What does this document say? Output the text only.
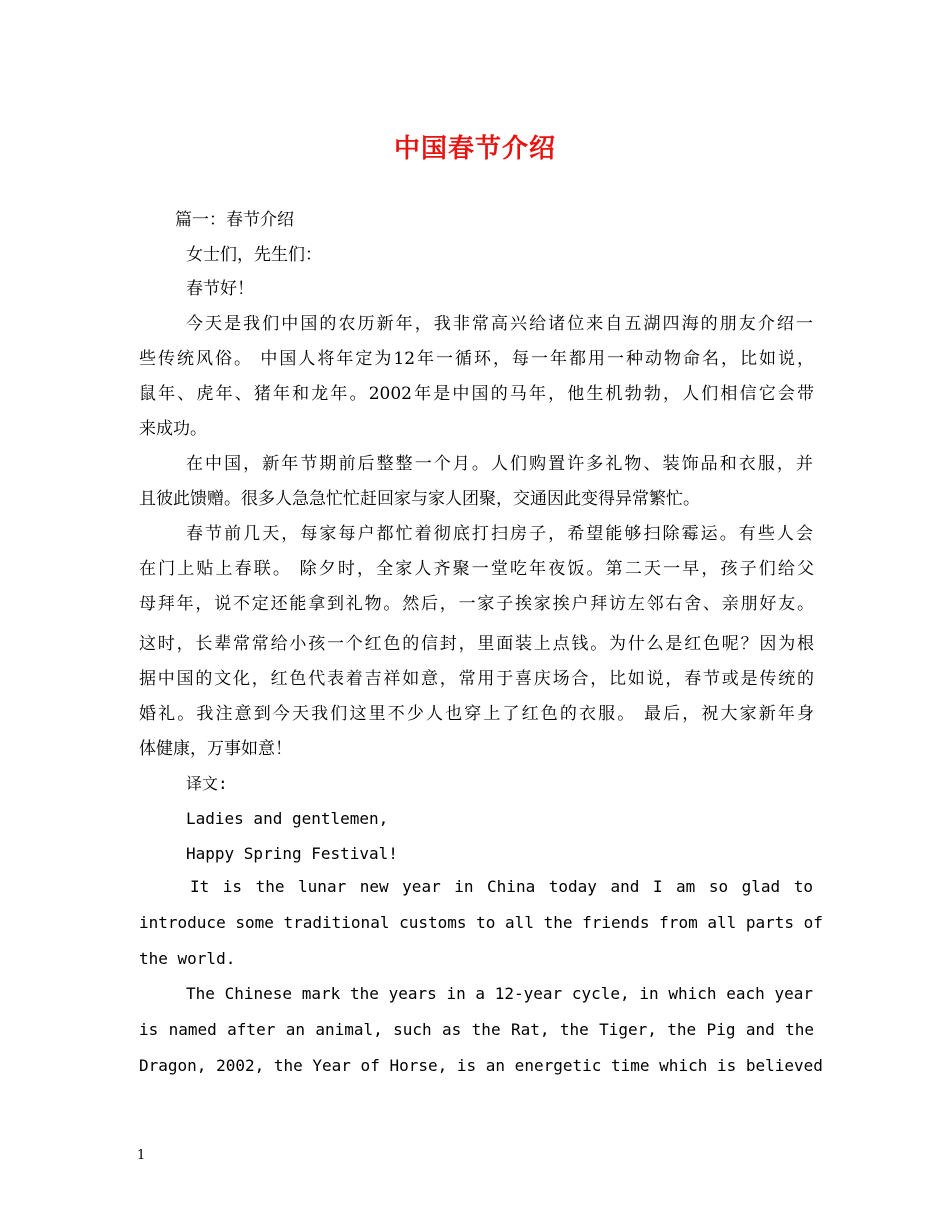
中国春节介绍

篇一：春节介绍

女士们，先生们：

春节好！

今天是我们中国的农历新年，我非常高兴给诸位来自五湖四海的朋友介绍一

些传统风俗。 中国人将年定为12年一循环，每一年都用一种动物命名，比如说，

鼠年、虎年、猪年和龙年。2002年是中国的马年，他生机勃勃，人们相信它会带

来成功。

在中国，新年节期前后整整一个月。人们购置许多礼物、装饰品和衣服，并

且彼此馈赠。很多人急急忙忙赶回家与家人团聚，交通因此变得异常繁忙。

春节前几天，每家每户都忙着彻底打扫房子，希望能够扫除霉运。有些人会

在门上贴上春联。 除夕时，全家人齐聚一堂吃年夜饭。第二天一早，孩子们给父

母拜年，说不定还能拿到礼物。然后，一家子挨家挨户拜访左邻右舍、亲朋好友。

这时，长辈常常给小孩一个红色的信封，里面装上点钱。为什么是红色呢？因为根

据中国的文化，红色代表着吉祥如意，常用于喜庆场合，比如说，春节或是传统的

婚礼。我注意到今天我们这里不少人也穿上了红色的衣服。 最后，祝大家新年身

体健康，万事如意！

译文:

Ladies and gentlemen,

Happy Spring Festival!

It is the lunar new year in China today and I am so glad to

introduce some traditional customs to all the friends from all parts of

the world.

The Chinese mark the years in a 12-year cycle, in which each year

is named after an animal, such as the Rat, the Tiger, the Pig and the

Dragon, 2002, the Year of Horse, is an energetic time which is believed

1
